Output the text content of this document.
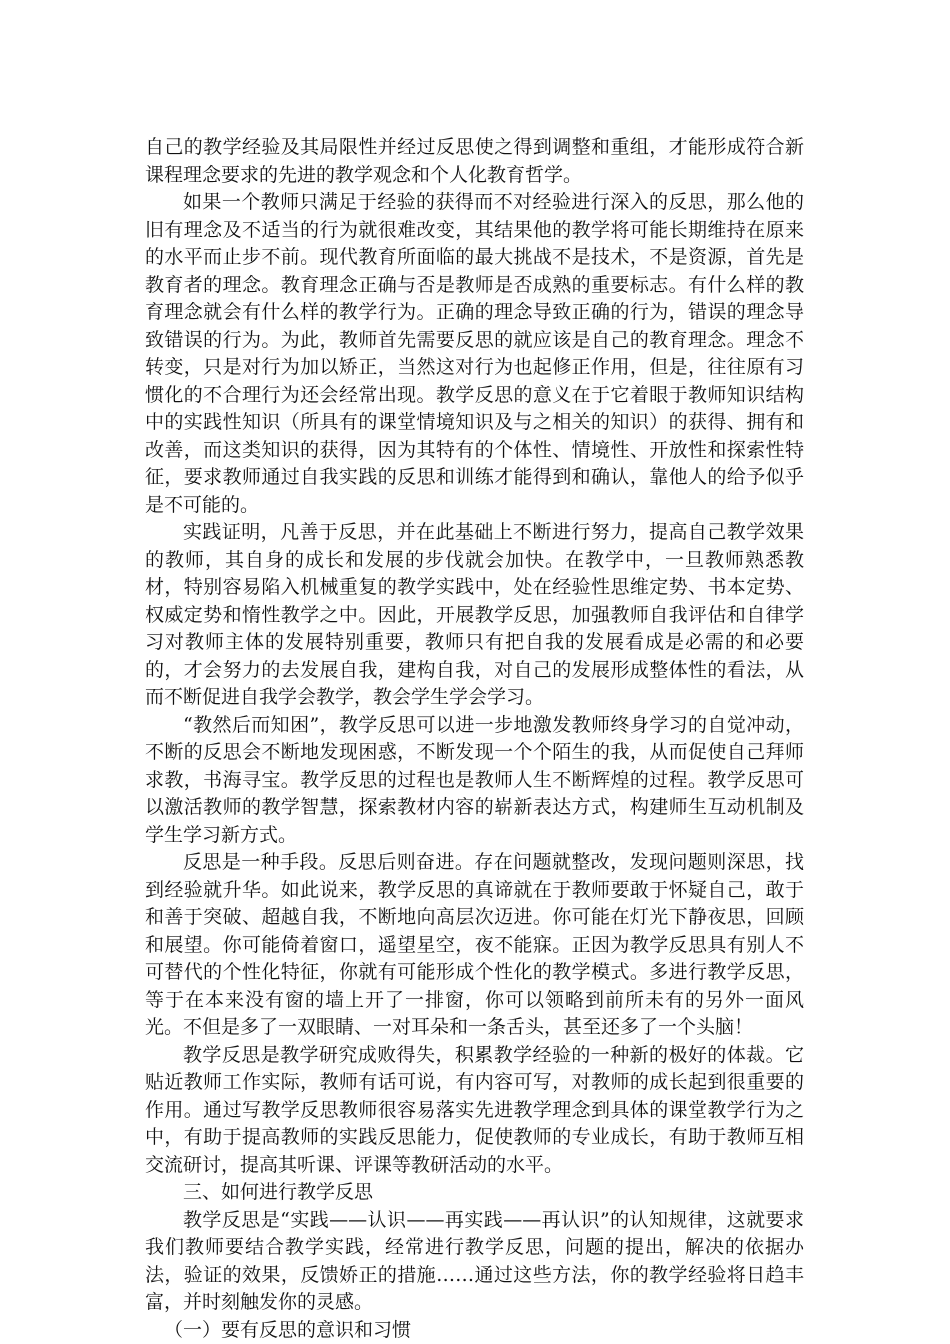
自己的教学经验及其局限性并经过反思使之得到调整和重组，才能形成符合新课程理念要求的先进的教学观念和个人化教育哲学。

如果一个教师只满足于经验的获得而不对经验进行深入的反思，那么他的旧有理念及不适当的行为就很难改变，其结果他的教学将可能长期维持在原来的水平而止步不前。现代教育所面临的最大挑战不是技术，不是资源，首先是教育者的理念。教育理念正确与否是教师是否成熟的重要标志。有什么样的教育理念就会有什么样的教学行为。正确的理念导致正确的行为，错误的理念导致错误的行为。为此，教师首先需要反思的就应该是自己的教育理念。理念不转变，只是对行为加以矫正，当然这对行为也起修正作用，但是，往往原有习惯化的不合理行为还会经常出现。教学反思的意义在于它着眼于教师知识结构中的实践性知识（所具有的课堂情境知识及与之相关的知识）的获得、拥有和改善，而这类知识的获得，因为其特有的个体性、情境性、开放性和探索性特征，要求教师通过自我实践的反思和训练才能得到和确认，靠他人的给予似乎是不可能的。

实践证明，凡善于反思，并在此基础上不断进行努力，提高自己教学效果的教师，其自身的成长和发展的步伐就会加快。在教学中，一旦教师熟悉教材，特别容易陷入机械重复的教学实践中，处在经验性思维定势、书本定势、权威定势和惰性教学之中。因此，开展教学反思，加强教师自我评估和自律学习对教师主体的发展特别重要，教师只有把自我的发展看成是必需的和必要的，才会努力的去发展自我，建构自我，对自己的发展形成整体性的看法，从而不断促进自我学会教学，教会学生学会学习。

“教然后而知困”，教学反思可以进一步地激发教师终身学习的自觉冲动，不断的反思会不断地发现困惑，不断发现一个个陌生的我，从而促使自己拜师求教，书海寻宝。教学反思的过程也是教师人生不断辉煌的过程。教学反思可以激活教师的教学智慧，探索教材内容的崭新表达方式，构建师生互动机制及学生学习新方式。

反思是一种手段。反思后则奋进。存在问题就整改，发现问题则深思，找到经验就升华。如此说来，教学反思的真谛就在于教师要敢于怀疑自己，敢于和善于突破、超越自我，不断地向高层次迈进。你可能在灯光下静夜思，回顾和展望。你可能倚着窗口，遥望星空，夜不能寐。正因为教学反思具有别人不可替代的个性化特征，你就有可能形成个性化的教学模式。多进行教学反思，等于在本来没有窗的墙上开了一排窗，你可以领略到前所未有的另外一面风光。不但是多了一双眼睛、一对耳朵和一条舌头，甚至还多了一个头脑！

教学反思是教学研究成败得失，积累教学经验的一种新的极好的体裁。它贴近教师工作实际，教师有话可说，有内容可写，对教师的成长起到很重要的作用。通过写教学反思教师很容易落实先进教学理念到具体的课堂教学行为之中，有助于提高教师的实践反思能力，促使教师的专业成长，有助于教师互相交流研讨，提高其听课、评课等教研活动的水平。

三、如何进行教学反思

教学反思是“实践——认识——再实践——再认识”的认知规律，这就要求我们教师要结合教学实践，经常进行教学反思，问题的提出，解决的依据办法，验证的效果，反馈娇正的措施……通过这些方法，你的教学经验将日趋丰富，并时刻触发你的灵感。

（一）要有反思的意识和习惯
